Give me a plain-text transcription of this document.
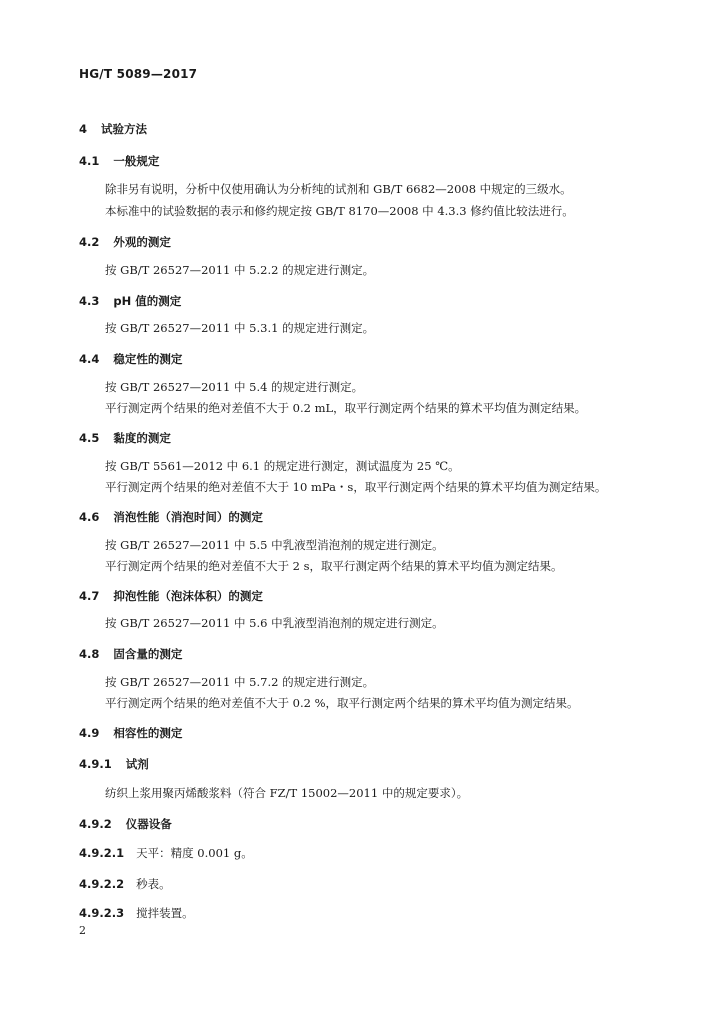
HG/T 5089—2017
4 试验方法
4.1 一般规定
除非另有说明，分析中仅使用确认为分析纯的试剂和 GB/T 6682—2008 中规定的三级水。
本标准中的试验数据的表示和修约规定按 GB/T 8170—2008 中 4.3.3 修约值比较法进行。
4.2 外观的测定
按 GB/T 26527—2011 中 5.2.2 的规定进行测定。
4.3 pH 值的测定
按 GB/T 26527—2011 中 5.3.1 的规定进行测定。
4.4 稳定性的测定
按 GB/T 26527—2011 中 5.4 的规定进行测定。
平行测定两个结果的绝对差值不大于 0.2 mL，取平行测定两个结果的算术平均值为测定结果。
4.5 黏度的测定
按 GB/T 5561—2012 中 6.1 的规定进行测定，测试温度为 25 ℃。
平行测定两个结果的绝对差值不大于 10 mPa・s，取平行测定两个结果的算术平均值为测定结果。
4.6 消泡性能（消泡时间）的测定
按 GB/T 26527—2011 中 5.5 中乳液型消泡剂的规定进行测定。
平行测定两个结果的绝对差值不大于 2 s，取平行测定两个结果的算术平均值为测定结果。
4.7 抑泡性能（泡沫体积）的测定
按 GB/T 26527—2011 中 5.6 中乳液型消泡剂的规定进行测定。
4.8 固含量的测定
按 GB/T 26527—2011 中 5.7.2 的规定进行测定。
平行测定两个结果的绝对差值不大于 0.2 %，取平行测定两个结果的算术平均值为测定结果。
4.9 相容性的测定
4.9.1 试剂
纺织上浆用聚丙烯酸浆料（符合 FZ/T 15002—2011 中的规定要求）。
4.9.2 仪器设备
4.9.2.1 天平：精度 0.001 g。
4.9.2.2 秒表。
4.9.2.3 搅拌装置。
2
